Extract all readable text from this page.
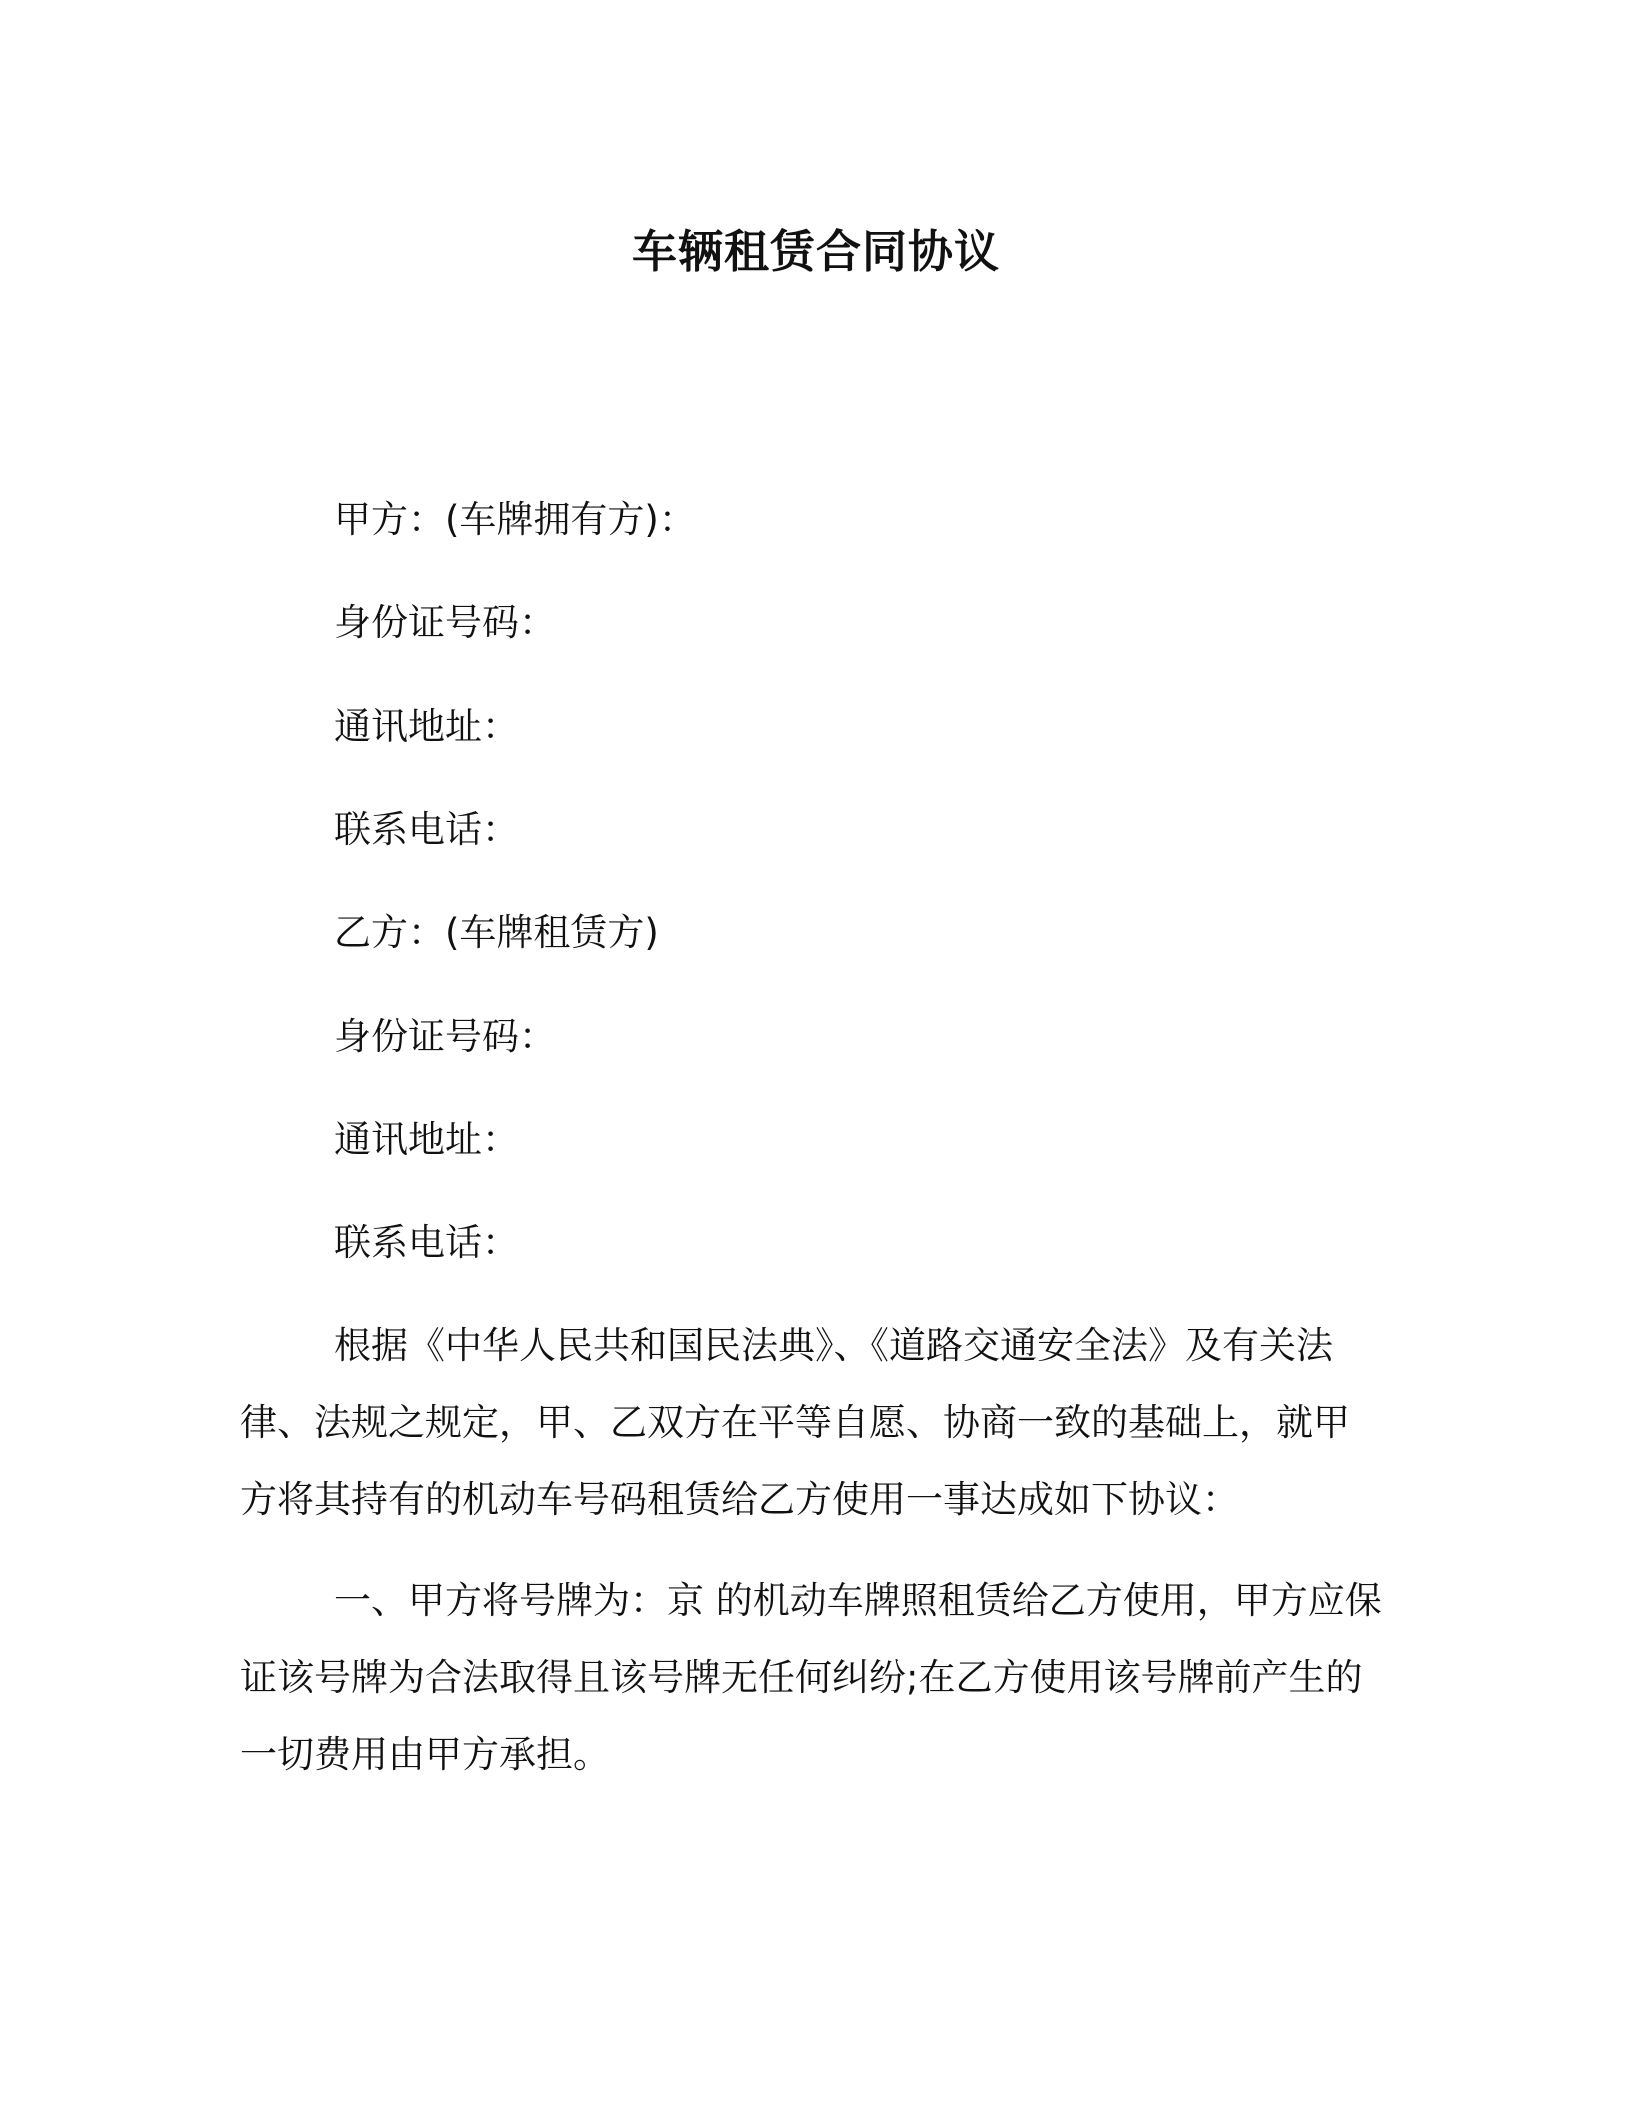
车辆租赁合同协议
甲方：(车牌拥有方)：
身份证号码：
通讯地址：
联系电话：
乙方：(车牌租赁方)
身份证号码：
通讯地址：
联系电话：
根据《中华人民共和国民法典》、《道路交通安全法》及有关法
律、法规之规定，甲、乙双方在平等自愿、协商一致的基础上，就甲
方将其持有的机动车号码租赁给乙方使用一事达成如下协议：
一、甲方将号牌为：京 的机动车牌照租赁给乙方使用，甲方应保
证该号牌为合法取得且该号牌无任何纠纷;在乙方使用该号牌前产生的
一切费用由甲方承担。
